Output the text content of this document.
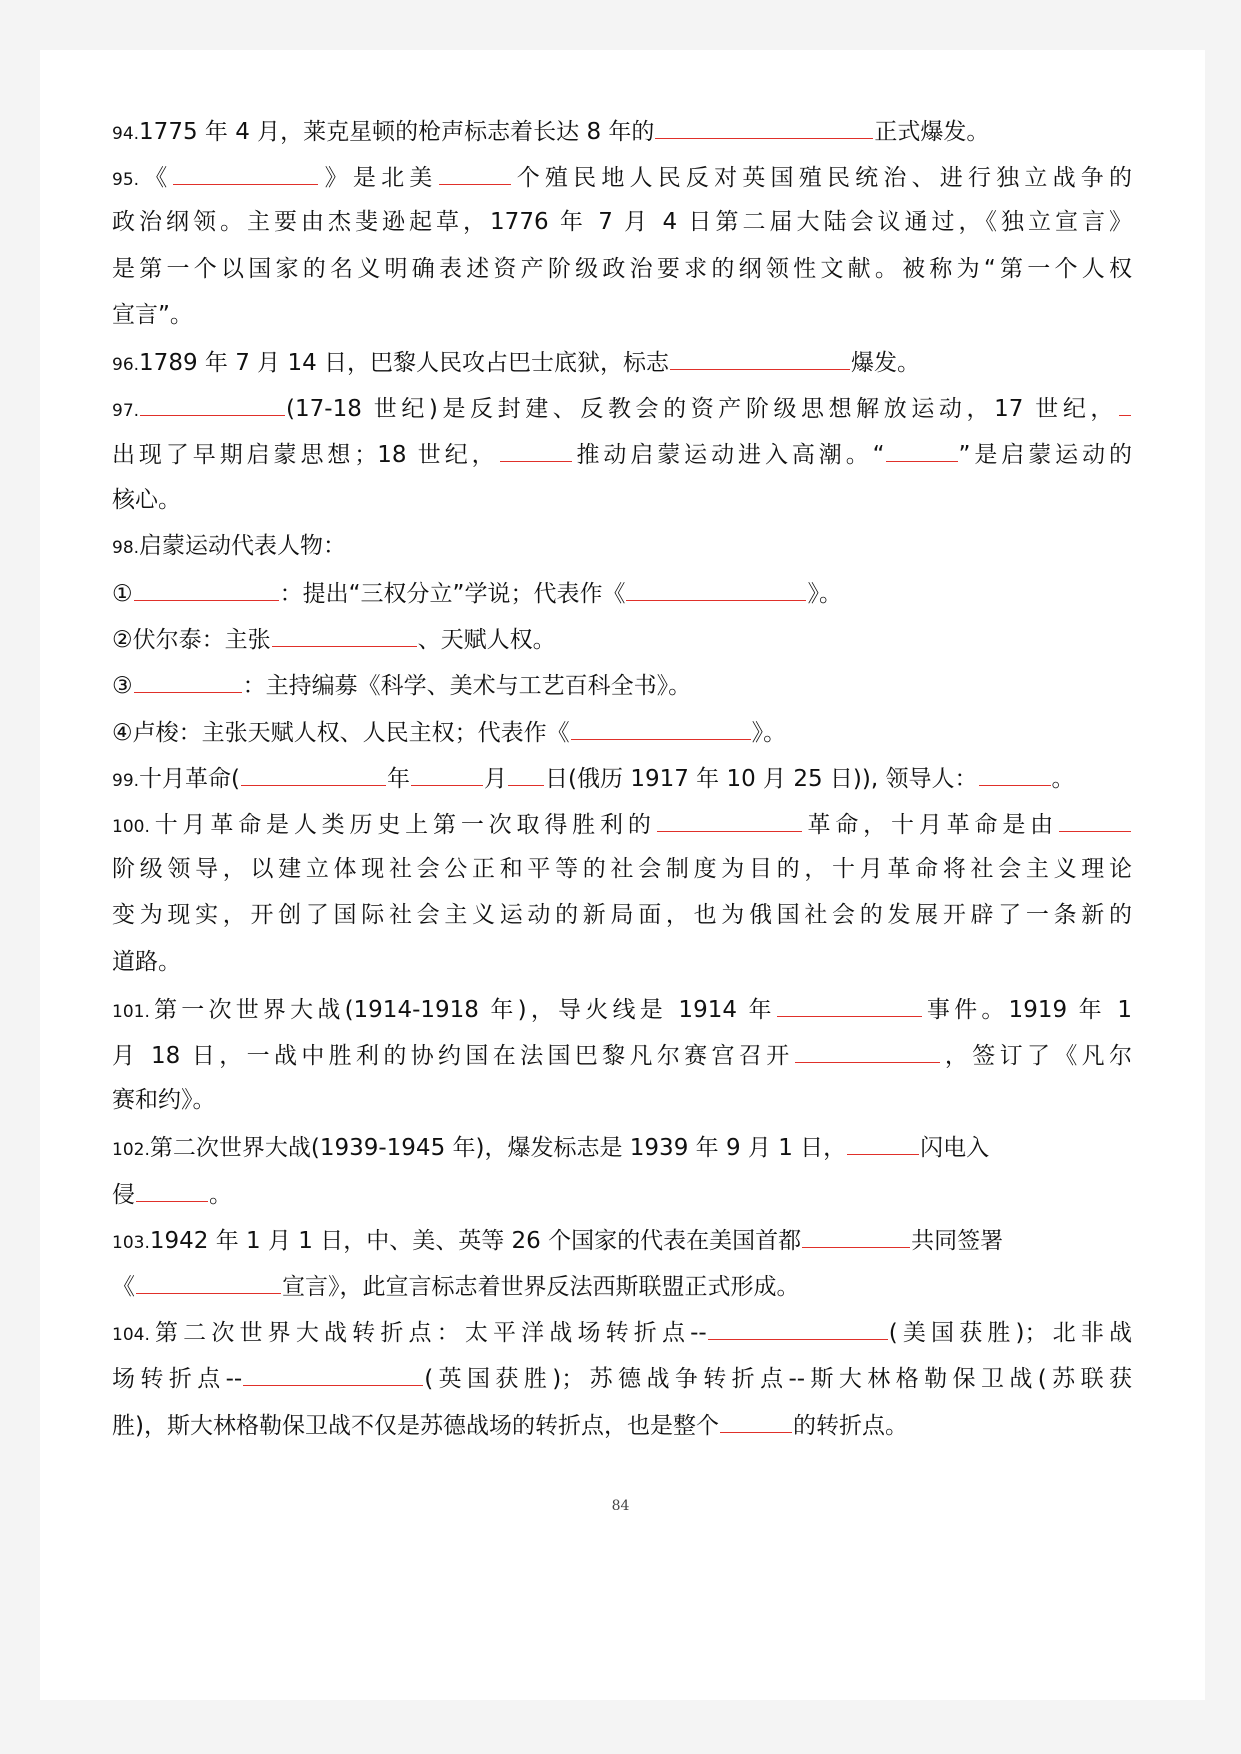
94.1775 年 4 月，莱克星顿的枪声标志着长达 8 年的	正式爆发。
95.《	》是北美	个殖民地人民反对英国殖民统治、进行独立战争的
政治纲领。主要由杰斐逊起草，1776 年 7 月 4 日第二届大陆会议通过，《独立宣言》
是第一个以国家的名义明确表述资产阶级政治要求的纲领性文献。被称为“第一个人权
宣言”。
96.1789 年 7 月 14 日，巴黎人民攻占巴士底狱，标志	爆发。
97.	(17-18 世纪)是反封建、反教会的资产阶级思想解放运动，17 世纪，
出现了早期启蒙思想；18 世纪，	推动启蒙运动进入高潮。“	”是启蒙运动的
核心。
98.启蒙运动代表人物：
①	：提出“三权分立”学说；代表作《	》。
②伏尔泰：主张	、天赋人权。
③	：主持编募《科学、美术与工艺百科全书》。
④卢梭：主张天赋人权、人民主权；代表作《	》。
99.十月革命(	年	月 日(俄历 1917 年 10 月 25 日)), 领导人：	。
100.十月革命是人类历史上第一次取得胜利的	革命，十月革命是由
阶级领导，以建立体现社会公正和平等的社会制度为目的，十月革命将社会主义理论
变为现实，开创了国际社会主义运动的新局面，也为俄国社会的发展开辟了一条新的
道路。
101.第一次世界大战(1914-1918 年)，导火线是 1914 年	事件。1919 年 1
月 18 日，一战中胜利的协约国在法国巴黎凡尔赛宫召开	，签订了《凡尔
赛和约》。
102.第二次世界大战(1939-1945 年)，爆发标志是 1939 年 9 月 1 日，	闪电入
侵	。
103.1942 年 1 月 1 日，中、美、英等 26 个国家的代表在美国首都	共同签署
《	宣言》，此宣言标志着世界反法西斯联盟正式形成。
104.第二次世界大战转折点：太平洋战场转折点--	(美国获胜)；北非战
场转折点--	(英国获胜)；苏德战争转折点--斯大林格勒保卫战(苏联获
胜)，斯大林格勒保卫战不仅是苏德战场的转折点，也是整个	的转折点。
84
